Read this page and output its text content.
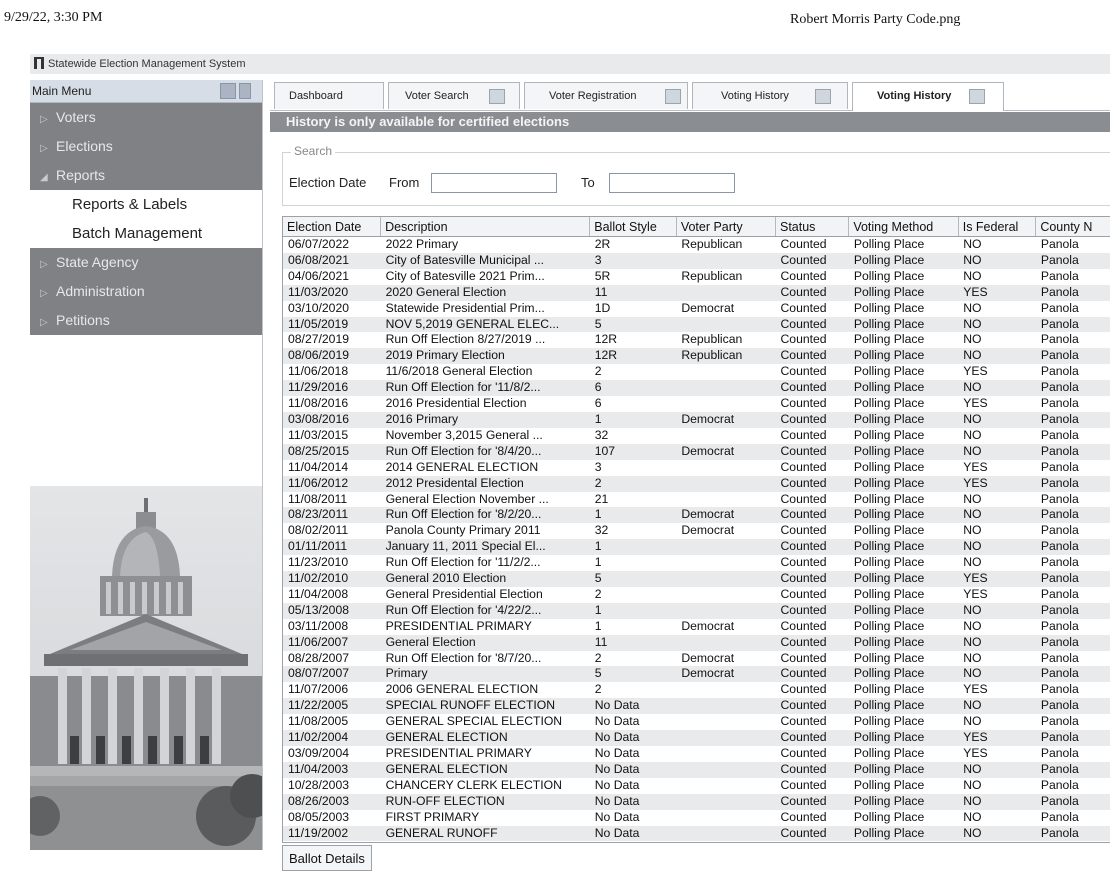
9/29/22, 3:30 PM	Robert Morris Party Code.png
Statewide Election Management System
Main Menu
▷ Voters
▷ Elections
◢ Reports
Reports & Labels
Batch Management
▷ State Agency
▷ Administration
▷ Petitions
Dashboard	Voter Search	Voter Registration	Voting History	Voting History
History is only available for certified elections
Search
Election Date From	To
Election Date	Description	Ballot Style	Voter Party	Status	Voting Method	Is Federal	County N
06/07/2022	2022 Primary	2R	Republican	Counted	Polling Place	NO	Panola
06/08/2021	City of Batesville Municipal ...	3		Counted	Polling Place	NO	Panola
04/06/2021	City of Batesville 2021 Prim...	5R	Republican	Counted	Polling Place	NO	Panola
11/03/2020	2020 General Election	11		Counted	Polling Place	YES	Panola
03/10/2020	Statewide Presidential Prim...	1D	Democrat	Counted	Polling Place	NO	Panola
11/05/2019	NOV 5,2019 GENERAL ELEC...	5		Counted	Polling Place	NO	Panola
08/27/2019	Run Off Election 8/27/2019 ...	12R	Republican	Counted	Polling Place	NO	Panola
08/06/2019	2019 Primary Election	12R	Republican	Counted	Polling Place	NO	Panola
11/06/2018	11/6/2018 General Election	2		Counted	Polling Place	YES	Panola
11/29/2016	Run Off Election for '11/8/2...	6		Counted	Polling Place	NO	Panola
11/08/2016	2016 Presidential Election	6		Counted	Polling Place	YES	Panola
03/08/2016	2016 Primary	1	Democrat	Counted	Polling Place	NO	Panola
11/03/2015	November 3,2015 General ...	32		Counted	Polling Place	NO	Panola
08/25/2015	Run Off Election for '8/4/20...	107	Democrat	Counted	Polling Place	NO	Panola
11/04/2014	2014 GENERAL ELECTION	3		Counted	Polling Place	YES	Panola
11/06/2012	2012 Presidental Election	2		Counted	Polling Place	YES	Panola
11/08/2011	General Election November ...	21		Counted	Polling Place	NO	Panola
08/23/2011	Run Off Election for '8/2/20...	1	Democrat	Counted	Polling Place	NO	Panola
08/02/2011	Panola County Primary 2011	32	Democrat	Counted	Polling Place	NO	Panola
01/11/2011	January 11, 2011 Special El...	1		Counted	Polling Place	NO	Panola
11/23/2010	Run Off Election for '11/2/2...	1		Counted	Polling Place	NO	Panola
11/02/2010	General 2010 Election	5		Counted	Polling Place	YES	Panola
11/04/2008	General Presidential Election	2		Counted	Polling Place	YES	Panola
05/13/2008	Run Off Election for '4/22/2...	1		Counted	Polling Place	NO	Panola
03/11/2008	PRESIDENTIAL PRIMARY	1	Democrat	Counted	Polling Place	NO	Panola
11/06/2007	General Election	11		Counted	Polling Place	NO	Panola
08/28/2007	Run Off Election for '8/7/20...	2	Democrat	Counted	Polling Place	NO	Panola
08/07/2007	Primary	5	Democrat	Counted	Polling Place	NO	Panola
11/07/2006	2006 GENERAL ELECTION	2		Counted	Polling Place	YES	Panola
11/22/2005	SPECIAL RUNOFF ELECTION	No Data		Counted	Polling Place	NO	Panola
11/08/2005	GENERAL SPECIAL ELECTION	No Data		Counted	Polling Place	NO	Panola
11/02/2004	GENERAL ELECTION	No Data		Counted	Polling Place	YES	Panola
03/09/2004	PRESIDENTIAL PRIMARY	No Data		Counted	Polling Place	YES	Panola
11/04/2003	GENERAL ELECTION	No Data		Counted	Polling Place	NO	Panola
10/28/2003	CHANCERY CLERK ELECTION	No Data		Counted	Polling Place	NO	Panola
08/26/2003	RUN-OFF ELECTION	No Data		Counted	Polling Place	NO	Panola
08/05/2003	FIRST PRIMARY	No Data		Counted	Polling Place	NO	Panola
11/19/2002	GENERAL RUNOFF	No Data		Counted	Polling Place	NO	Panola
Ballot Details
